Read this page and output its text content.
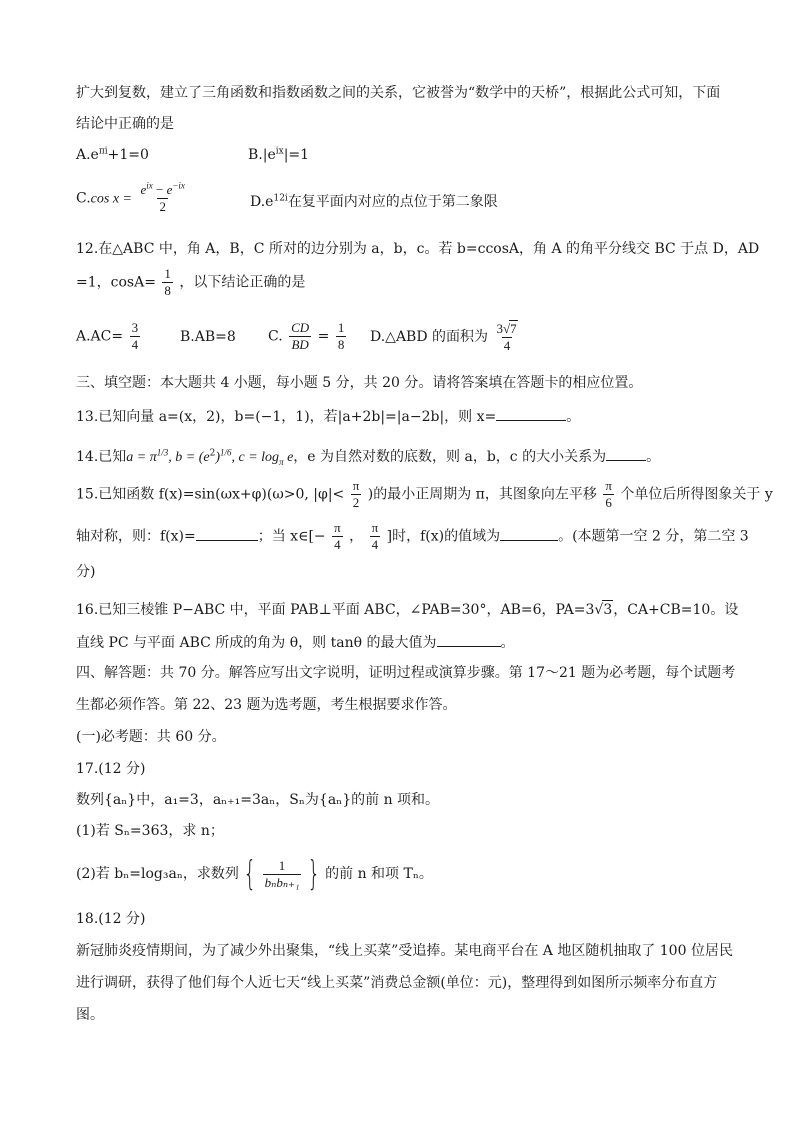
扩大到复数，建立了三角函数和指数函数之间的关系，它被誉为“数学中的天桥”，根据此公式可知，下面
结论中正确的是
$A.e^{\pi i}+1=0$	$B.|e^{ix}|=1$
C.cos $x = \frac{e^{ix} - e^{-ix}}{2}$	$D.e^{12i}$在复平面内对应的点位于第二象限
12.在△ABC 中，角 A，B，C 所对的边分别为 a，b，c。若 b=ccosA，角 A 的角平分线交 BC 于点 D，AD
=1，$\cos A= \frac{1}{8}$ ，以下结论正确的是
$A.AC= \frac{3}{4}$	B.AB=8 C. $\frac{CD}{BD} = \frac{1}{8}$ D.△ABD 的面积为 $\frac{3√7}{4}$
三、填空题：本大题共 4 小题，每小题 5 分，共 20 分。请将答案填在答题卡的相应位置。
13.已知向量 a=(x，2)，b=(−1，1)，若|a+2b|=|a−2b|，则 x=	。
14.已知$a = \pi^{1/3}$, $b = (e^2)^{1/6}$, $c = \log_\pi e$，e 为自然对数的底数，则 a，b，c 的大小关系为	。
15.已知函数 f(x)=sin(ωx+φ)(ω>0, $|\varphi|< \frac{\pi}{2}$ )的最小正周期为 π，其图象向左平移 $\frac{\pi}{6}$ 个单位后所得图象关于 y
轴对称，则：f(x)=	；当 x∈[− $\frac{\pi}{4}$ ， $\frac{\pi}{4}$ ]时，f(x)的值域为	。(本题第一空 2 分，第二空 3
分)
16.已知三棱锥 P−ABC 中，平面 PAB⊥平面 ABC，∠PAB=30°，AB=6，PA=3√3，CA+CB=10。设
直线 PC 与平面 ABC 所成的角为 θ，则 tanθ 的最大值为	。
四、解答题：共 70 分。解答应写出文字说明，证明过程或演算步骤。第 17～21 题为必考题，每个试题考
生都必须作答。第 22、23 题为选考题，考生根据要求作答。
(一)必考题：共 60 分。
17.(12 分)
数列{aₙ}中，a₁=3，aₙ₊₁=3aₙ，Sₙ为{aₙ}的前 n 项和。
(1)若 Sₙ=363，求 n；
(2)若 bₙ=log₃aₙ，求数列 { $\frac{1}{\text{bₙbₙ₊₁}}$ } 的前 n 和项 Tₙ。
18.(12 分)
新冠肺炎疫情期间，为了减少外出聚集，“线上买菜”受追捧。某电商平台在 A 地区随机抽取了 100 位居民
进行调研，获得了他们每个人近七天“线上买菜”消费总金额(单位：元)，整理得到如图所示频率分布直方
图。
